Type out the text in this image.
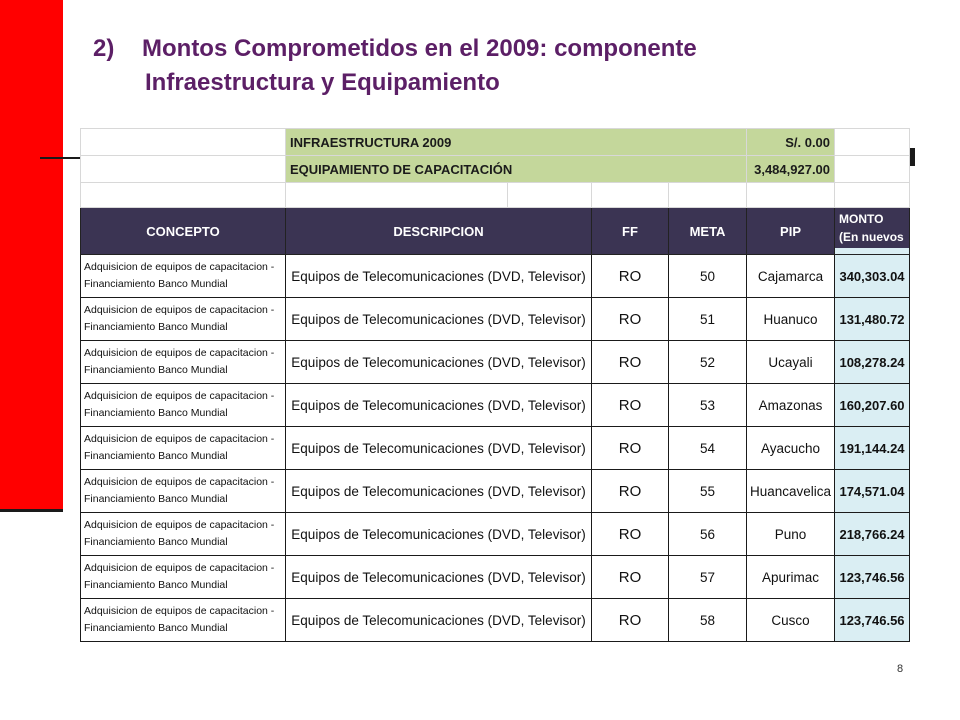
2) Montos Comprometidos en el 2009: componente
Infraestructura y Equipamiento
	INFRAESTRUCTURA 2009				S/. 0.00	
	EQUIPAMIENTO DE CAPACITACIÓN				3,484,927.00	

CONCEPTO	DESCRIPCION		FF	META	PIP	MONTO (En nuevos

Adquisicion de equipos de capacitacion - Financiamiento Banco Mundial	Equipos de Telecomunicaciones (DVD, Televisor)		RO	50	Cajamarca	340,303.04
Adquisicion de equipos de capacitacion - Financiamiento Banco Mundial	Equipos de Telecomunicaciones (DVD, Televisor)		RO	51	Huanuco	131,480.72
Adquisicion de equipos de capacitacion - Financiamiento Banco Mundial	Equipos de Telecomunicaciones (DVD, Televisor)		RO	52	Ucayali	108,278.24
Adquisicion de equipos de capacitacion - Financiamiento Banco Mundial	Equipos de Telecomunicaciones (DVD, Televisor)		RO	53	Amazonas	160,207.60
Adquisicion de equipos de capacitacion - Financiamiento Banco Mundial	Equipos de Telecomunicaciones (DVD, Televisor)		RO	54	Ayacucho	191,144.24
Adquisicion de equipos de capacitacion - Financiamiento Banco Mundial	Equipos de Telecomunicaciones (DVD, Televisor)		RO	55	Huancavelica	174,571.04
Adquisicion de equipos de capacitacion - Financiamiento Banco Mundial	Equipos de Telecomunicaciones (DVD, Televisor)		RO	56	Puno	218,766.24
Adquisicion de equipos de capacitacion - Financiamiento Banco Mundial	Equipos de Telecomunicaciones (DVD, Televisor)		RO	57	Apurimac	123,746.56
Adquisicion de equipos de capacitacion - Financiamiento Banco Mundial	Equipos de Telecomunicaciones (DVD, Televisor)		RO	58	Cusco	123,746.56
8
